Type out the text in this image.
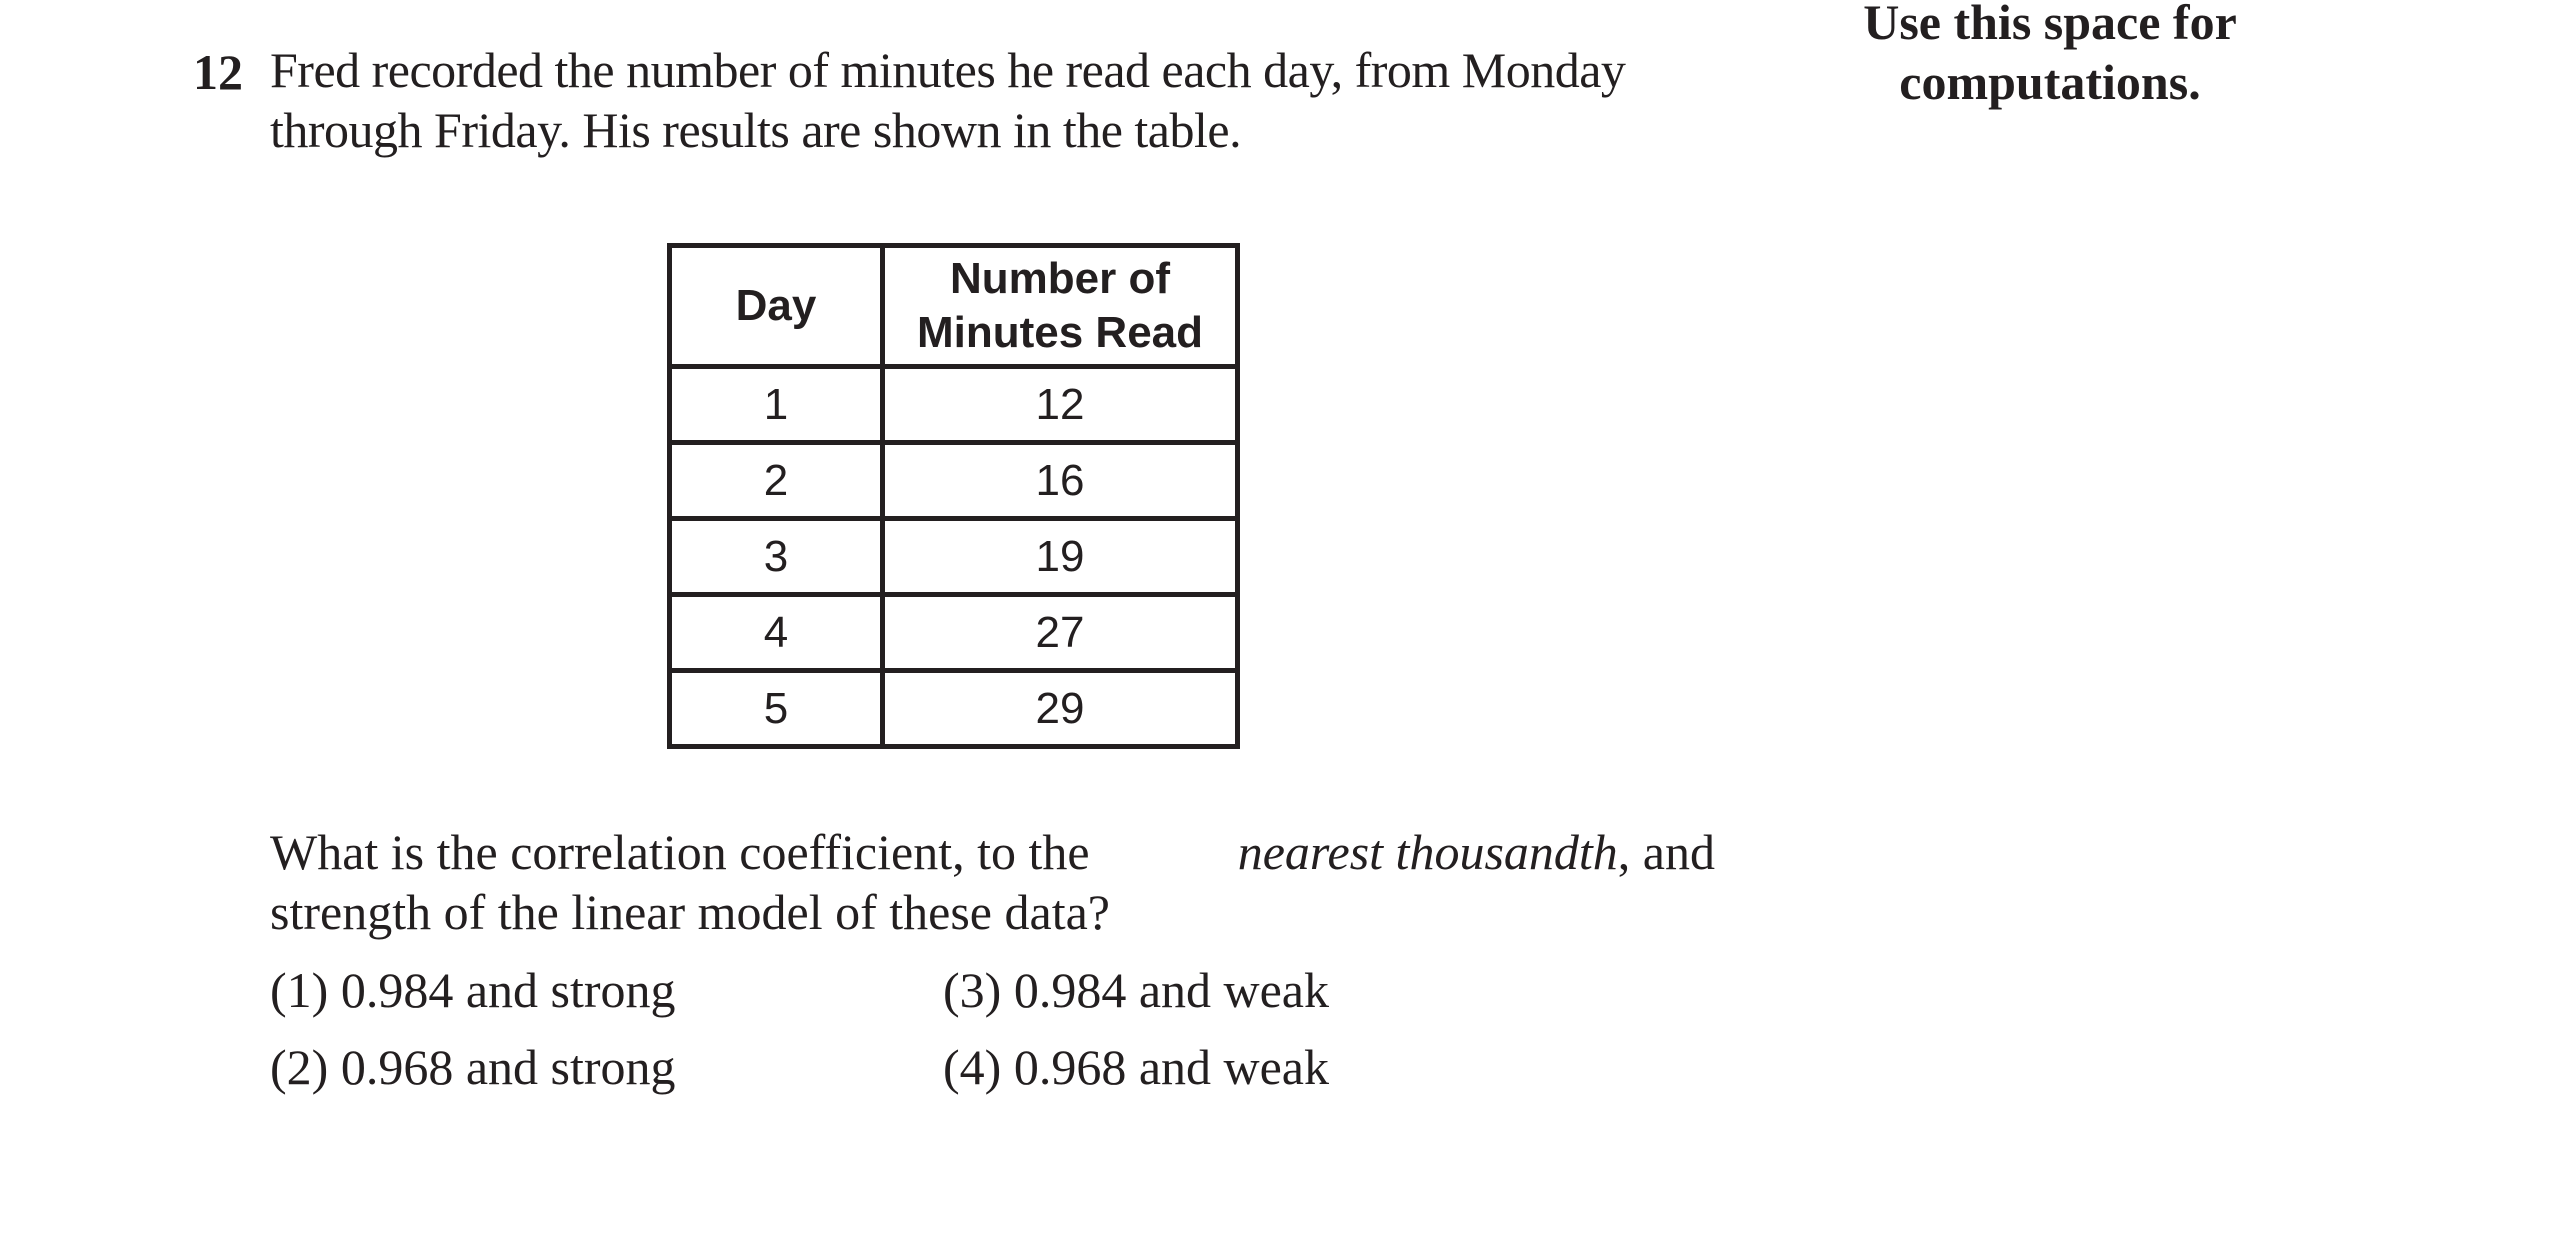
12 Fred recorded the number of minutes he read each day, from Monday
through Friday. His results are shown in the table.
Use this space for
computations.
Day	Number of
Minutes Read

1	12
2	16
3	19
4	27
5	29
What is the correlation coefficient, to the	nearest thousandth, and
strength of the linear model of these data?
(1) 0.984 and strong
(2) 0.968 and strong
(3) 0.984 and weak
(4) 0.968 and weak
